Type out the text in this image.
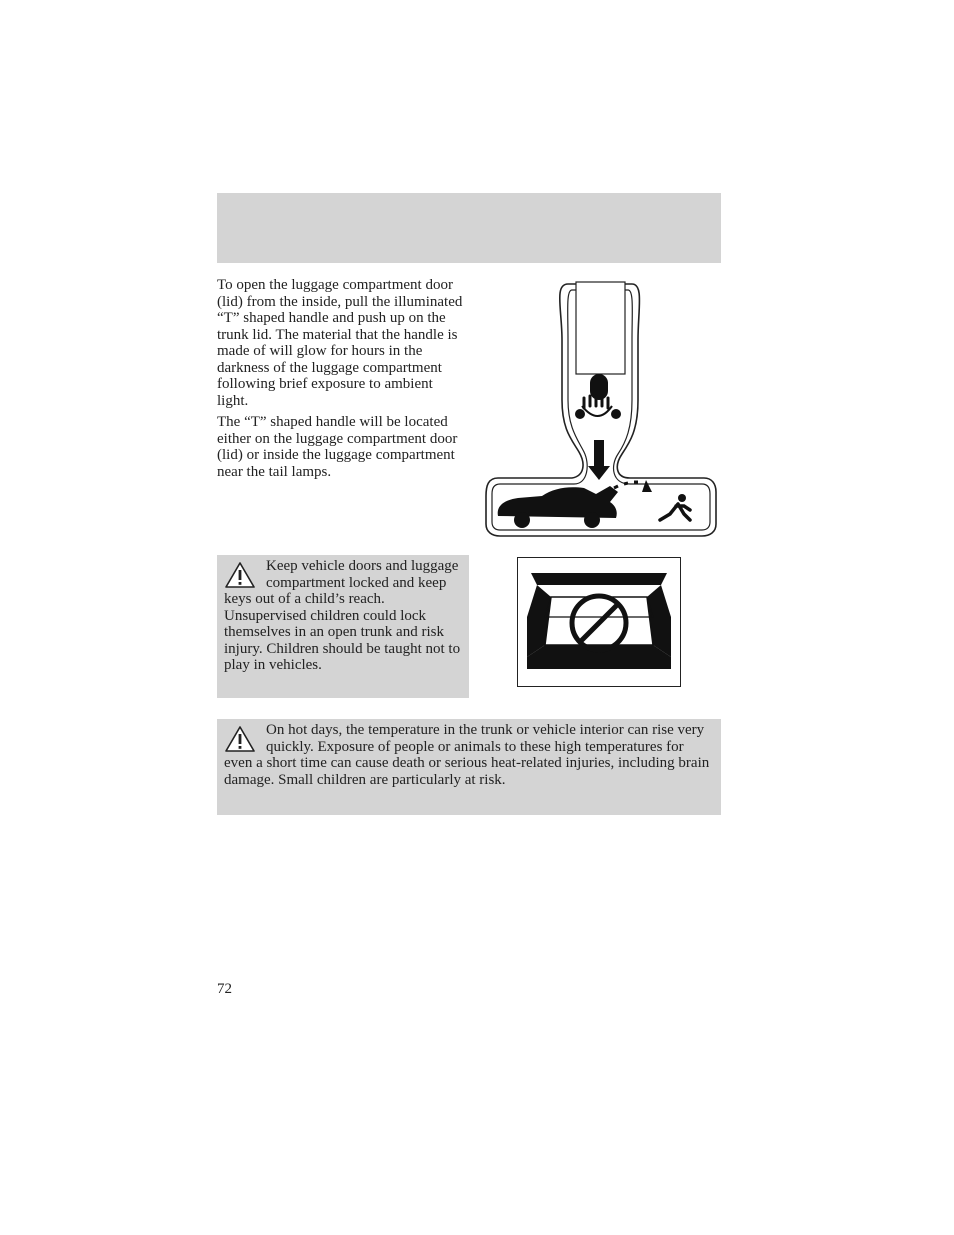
To open the luggage compartment door (lid) from the inside, pull the illuminated “T” shaped handle and push up on the trunk lid. The material that the handle is made of will glow for hours in the darkness of the luggage compartment following brief exposure to ambient light.

The “T” shaped handle will be located either on the luggage compartment door (lid) or inside the luggage compartment near the tail lamps.

Keep vehicle doors and luggage compartment locked and keep keys out of a child’s reach. Unsupervised children could lock themselves in an open trunk and risk injury. Children should be taught not to play in vehicles.
On hot days, the temperature in the trunk or vehicle interior can rise very quickly. Exposure of people or animals to these high temperatures for even a short time can cause death or serious heat-related injuries, including brain damage. Small children are particularly at risk.
72
